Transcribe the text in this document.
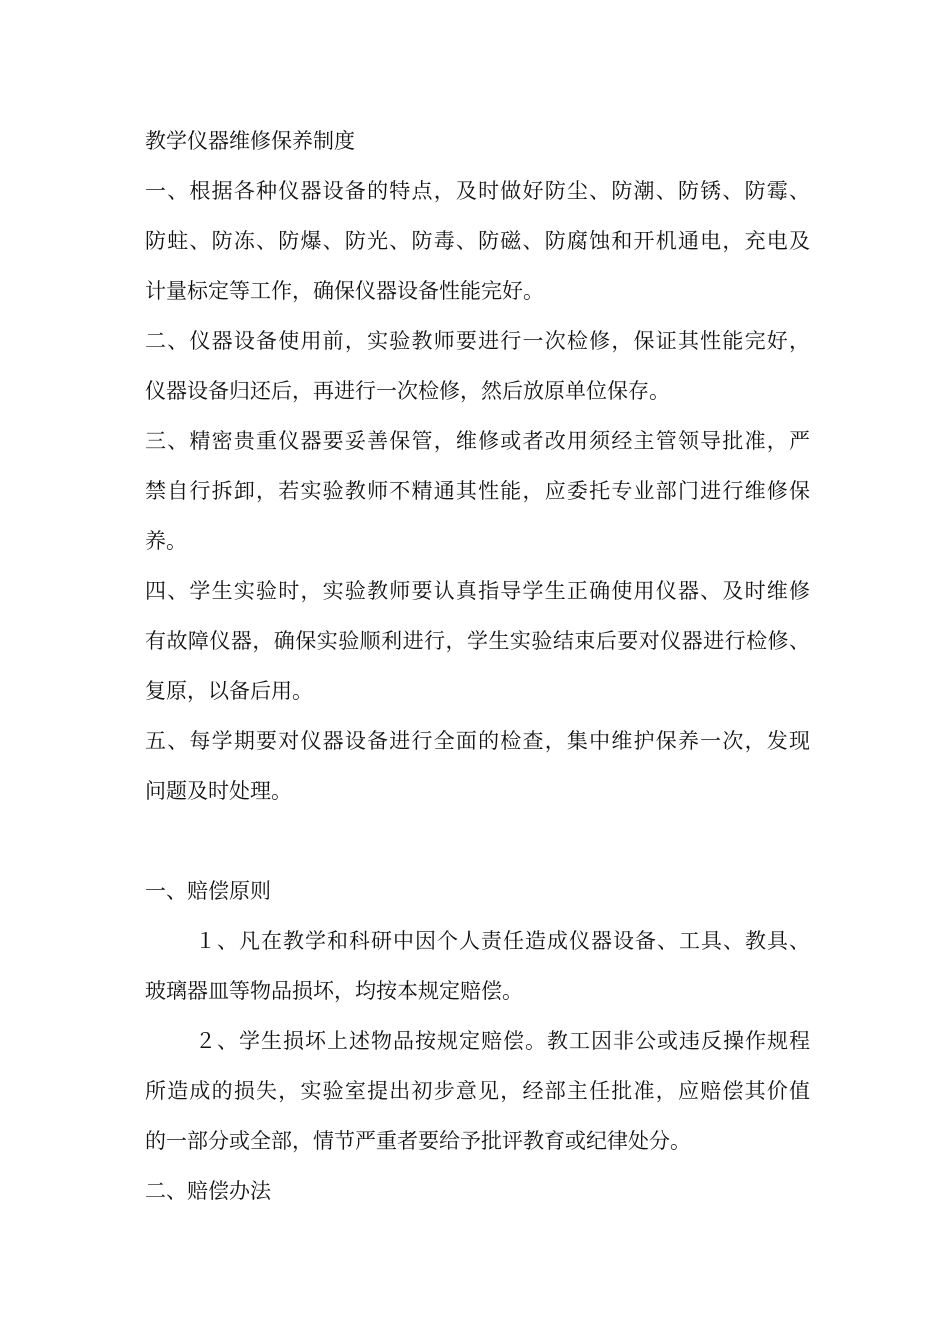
教学仪器维修保养制度
一、根据各种仪器设备的特点，及时做好防尘、防潮、防锈、防霉、
防蛀、防冻、防爆、防光、防毒、防磁、防腐蚀和开机通电，充电及
计量标定等工作，确保仪器设备性能完好。
二、仪器设备使用前，实验教师要进行一次检修，保证其性能完好，
仪器设备归还后，再进行一次检修，然后放原单位保存。
三、精密贵重仪器要妥善保管，维修或者改用须经主管领导批准，严
禁自行拆卸，若实验教师不精通其性能，应委托专业部门进行维修保
养。
四、学生实验时，实验教师要认真指导学生正确使用仪器、及时维修
有故障仪器，确保实验顺利进行，学生实验结束后要对仪器进行检修、
复原，以备后用。
五、每学期要对仪器设备进行全面的检查，集中维护保养一次，发现
问题及时处理。
一、赔偿原则
１、凡在教学和科研中因个人责任造成仪器设备、工具、教具、
玻璃器皿等物品损坏，均按本规定赔偿。
２、学生损坏上述物品按规定赔偿。教工因非公或违反操作规程
所造成的损失，实验室提出初步意见，经部主任批准，应赔偿其价值
的一部分或全部，情节严重者要给予批评教育或纪律处分。
二、赔偿办法
